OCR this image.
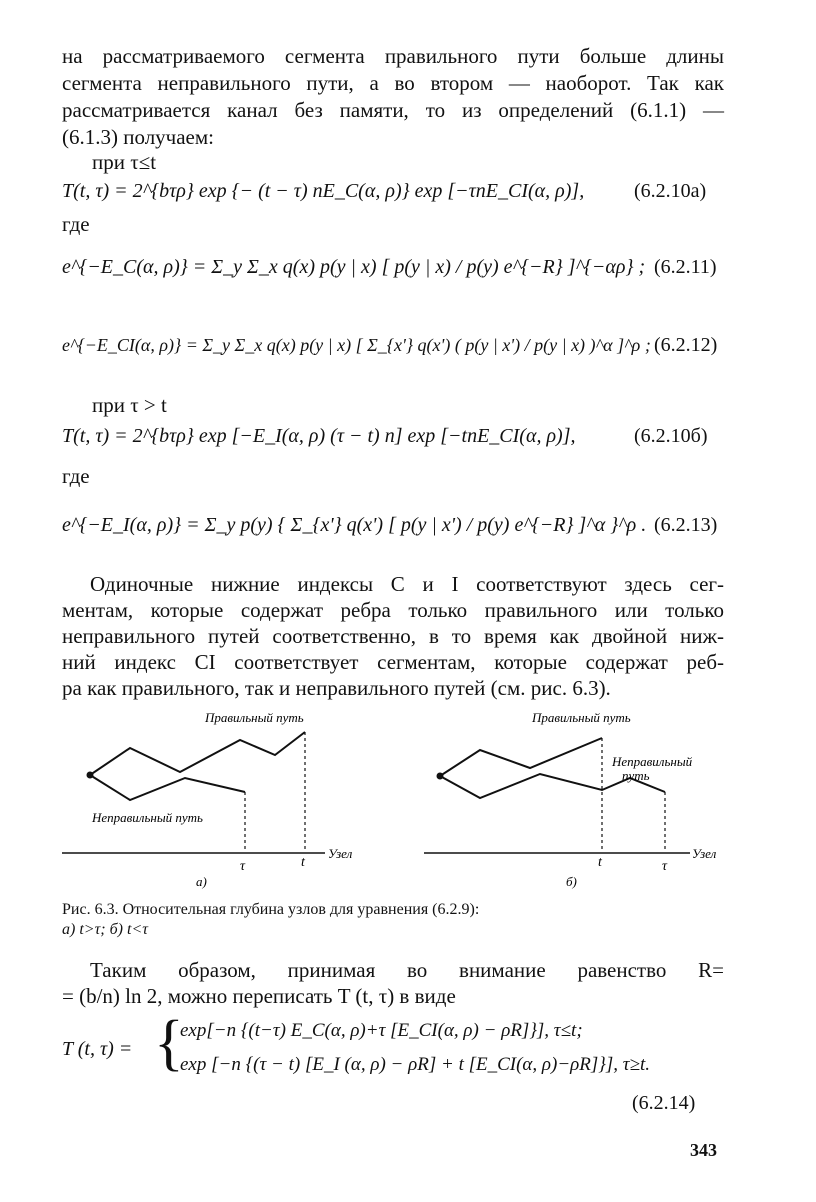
на рассматриваемого сегмента правильного пути больше длины
сегмента неправильного пути, а во втором — наоборот. Так как
рассматривается канал без памяти, то из определений (6.1.1) —
(6.1.3) получаем:
при τ≤t
T(t, τ) = 2^{bτρ} exp {− (t − τ) nE_C(α, ρ)} exp [−τnE_CI(α, ρ)], (6.2.10а)
где
e^{−E_C(α, ρ)} = Σ_y Σ_x q(x) p(y | x) [ p(y | x) / p(y) e^{−R} ]^{−αρ} ; (6.2.11)
e^{−E_CI(α, ρ)} = Σ_y Σ_x q(x) p(y | x) [ Σ_{x'} q(x') ( p(y | x') / p(y | x) )^α ]^ρ ; (6.2.12)
при τ > t
T(t, τ) = 2^{bτρ} exp [−E_I(α, ρ) (τ − t) n] exp [−tnE_CI(α, ρ)],	(6.2.10б)
где
e^{−E_I(α, ρ)} = Σ_y p(y) { Σ_{x'} q(x') [ p(y | x') / p(y) e^{−R} ]^α }^ρ . (6.2.13)
Одиночные нижние индексы C и I соответствуют здесь сег-
ментам, которые содержат ребра только правильного или только
неправильного путей соответственно, в то время как двойной ниж-
ний индекс CI соответствует сегментам, которые содержат реб-
ра как правильного, так и неправильного путей (см. рис. 6.3).
Правильный путь
Неправильный путь
Узел
τ	t
а)
Правильный путь
Неправильный
путь
Узел
t	τ
б)
Рис. 6.3. Относительная глубина узлов для уравнения (6.2.9):
а) t>τ; б) t<τ
Таким образом, принимая во внимание равенство R=
= (b/n) ln 2, можно переписать T (t, τ) в виде
T (t, τ) = {
exp[−n {(t−τ) E_C(α, ρ)+τ [E_CI(α, ρ) − ρR]}], τ≤t;
exp [−n {(τ − t) [E_I (α, ρ) − ρR] + t [E_CI(α, ρ)−ρR]}], τ≥t.
(6.2.14)
343
